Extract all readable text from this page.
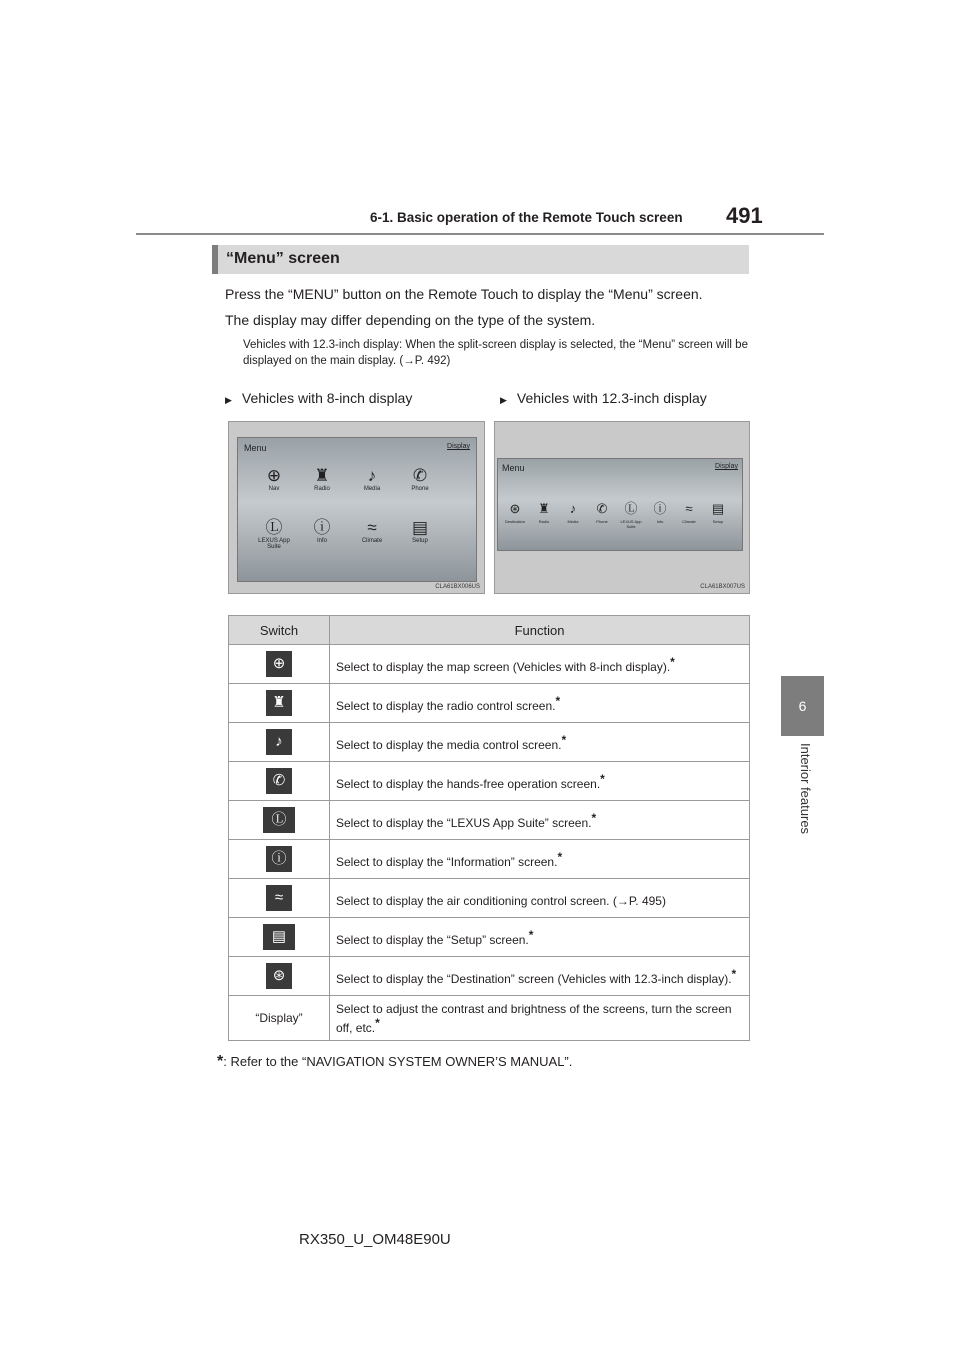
6-1. Basic operation of the Remote Touch screen 491
6
Interior features
“Menu” screen
Press the “MENU” button on the Remote Touch to display the “Menu” screen.
The display may differ depending on the type of the system.
Vehicles with 12.3-inch display: When the split-screen display is selected, the “Menu” screen will be displayed on the main display. (→P. 492)
▶ Vehicles with 8-inch display	▶ Vehicles with 12.3-inch display
Menu	Display
⊕
Nav
♜
Radio
♪
Media
✆
Phone
Ⓛ
LEXUS App Suite
ⓘ
Info
≈
Climate
▤
Setup
CLA61BX006US
Menu	Display
⊛
Destination
♜
Radio
♪
Media
✆
Phone
Ⓛ
LEXUS App Suite
ⓘ
Info
≈
Climate
▤
Setup
CLA61BX007US
Switch	Function
⊕	Select to display the map screen (Vehicles with 8-inch display).*
♜	Select to display the radio control screen.*
♪	Select to display the media control screen.*
✆	Select to display the hands-free operation screen.*
Ⓛ	Select to display the “LEXUS App Suite” screen.*
ⓘ	Select to display the “Information” screen.*
≈	Select to display the air conditioning control screen. (→P. 495)
▤	Select to display the “Setup” screen.*
⊛	Select to display the “Destination” screen (Vehicles with 12.3-inch display).*
“Display”	Select to adjust the contrast and brightness of the screens, turn the screen off, etc.*
*: Refer to the “NAVIGATION SYSTEM OWNER’S MANUAL”.
RX350_U_OM48E90U
